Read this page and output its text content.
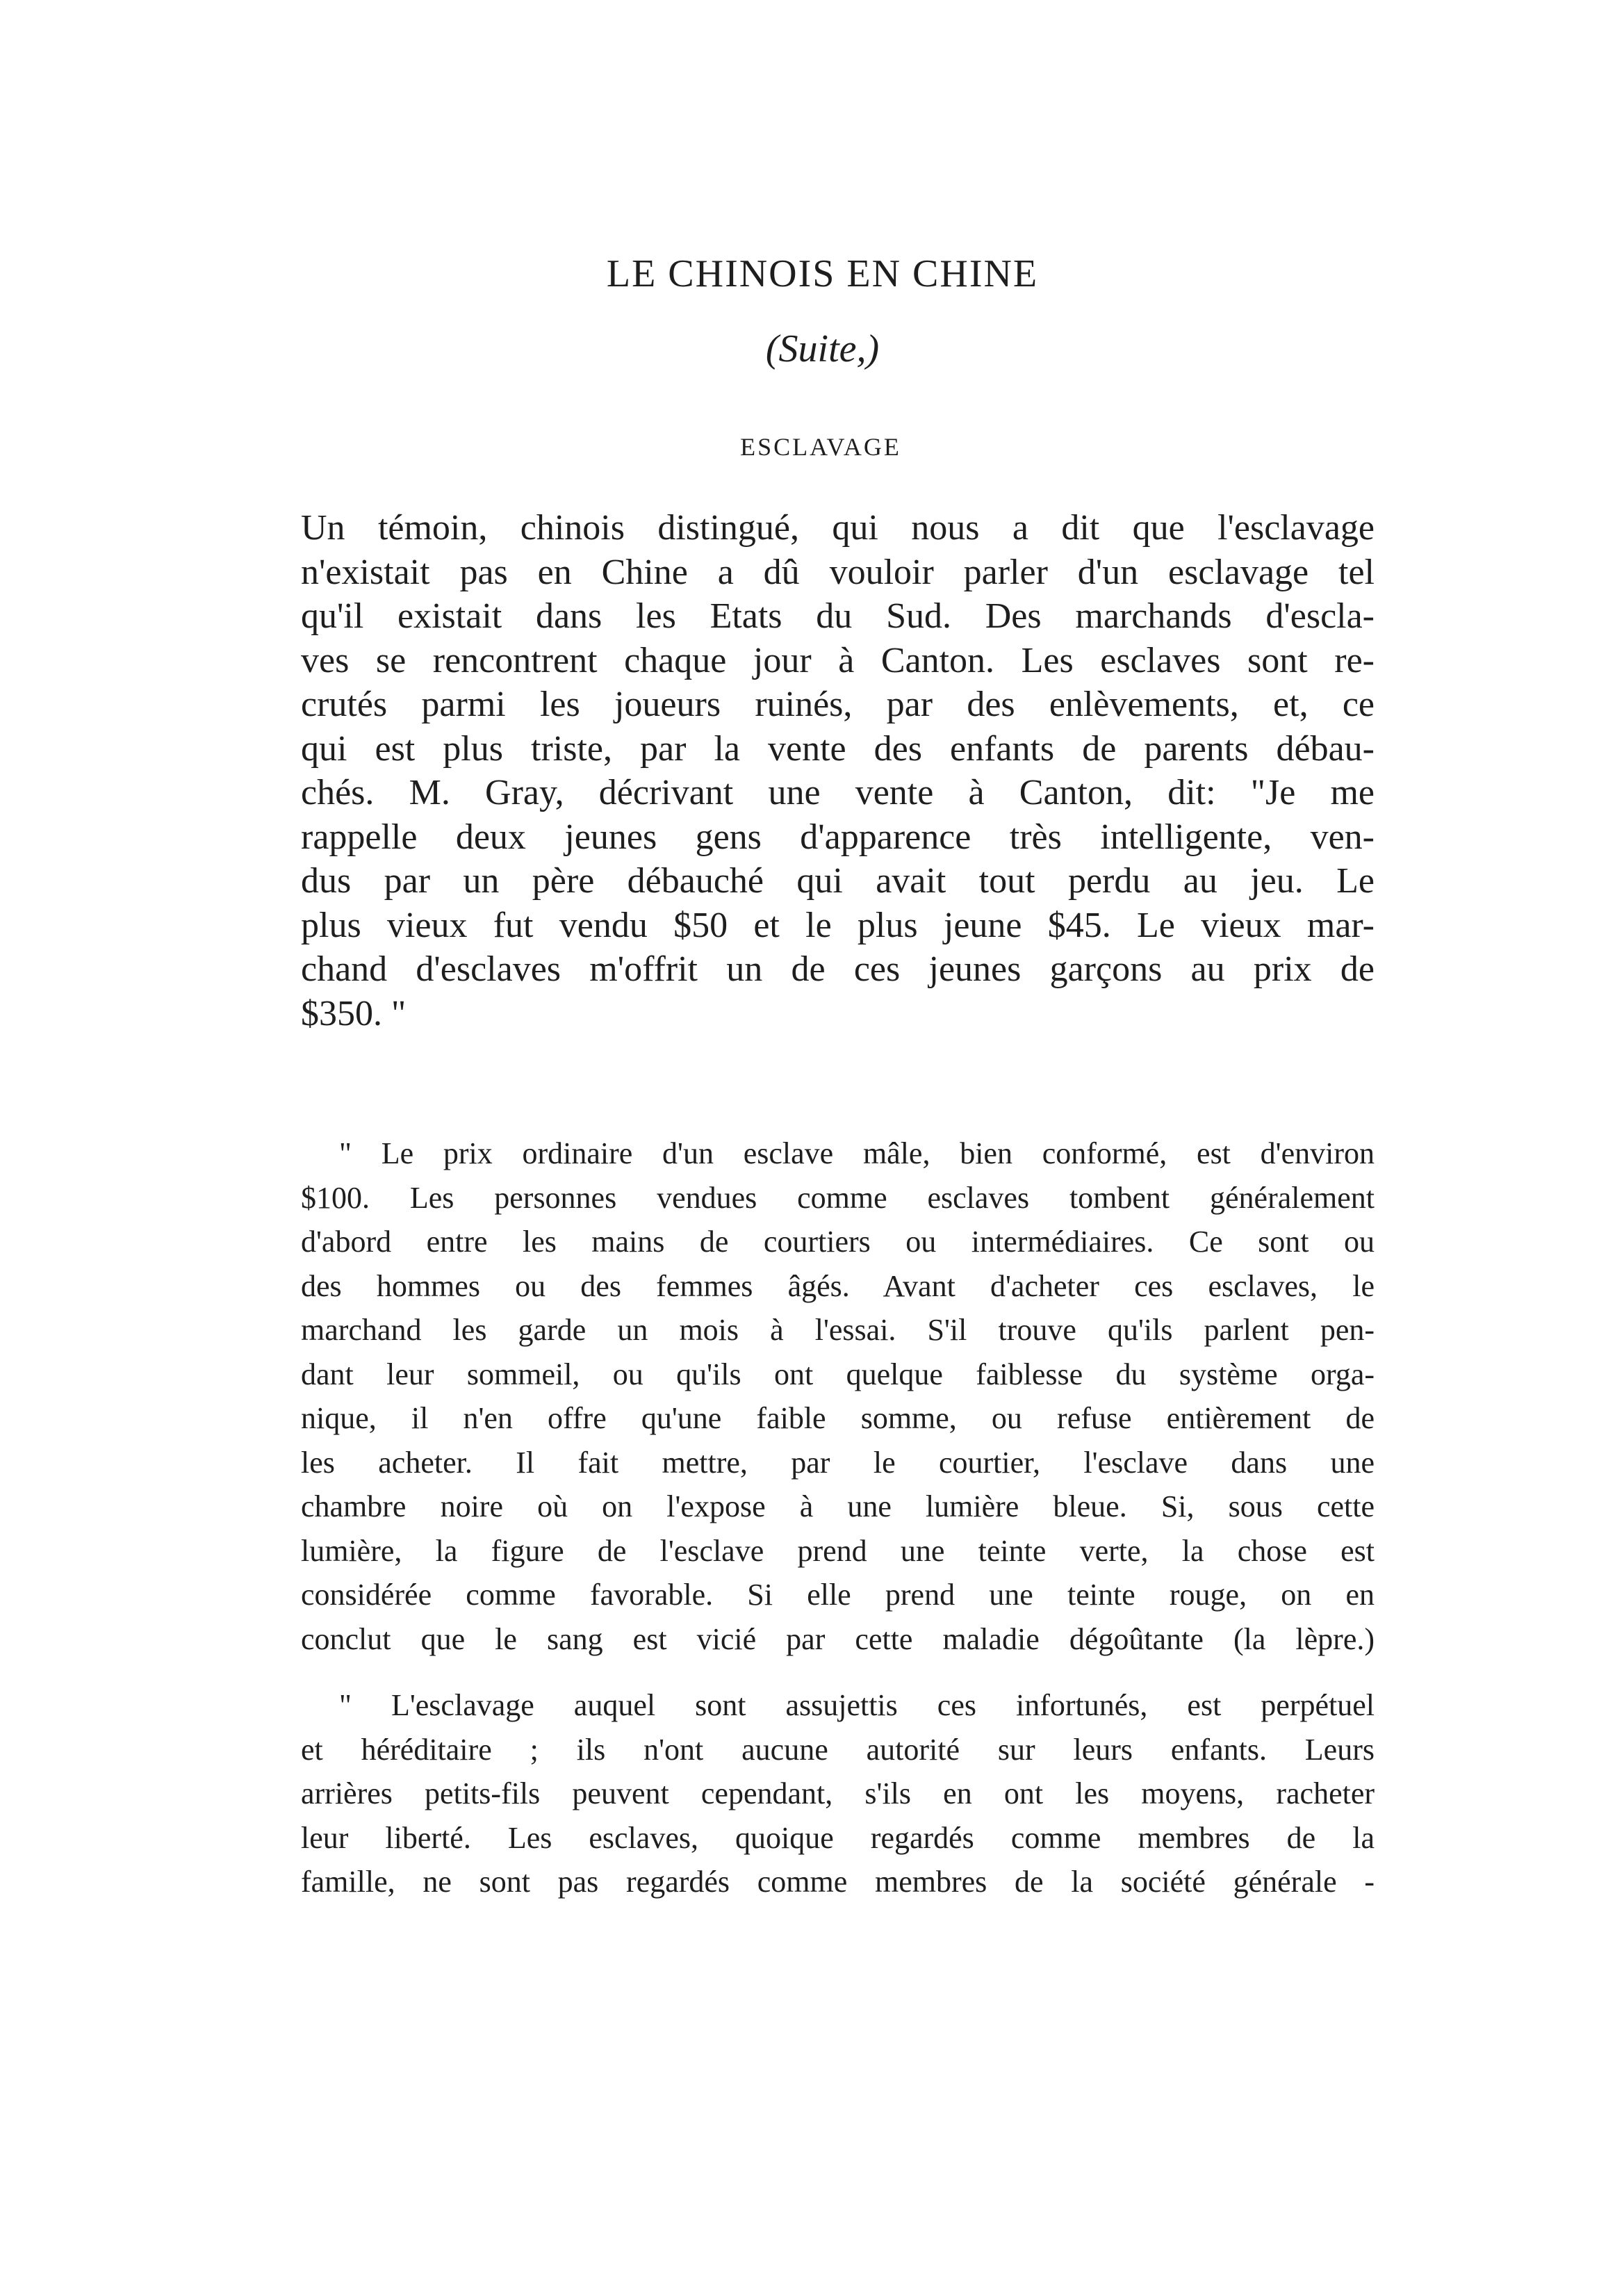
LE CHINOIS EN CHINE
(Suite,)
ESCLAVAGE
Un témoin, chinois distingué, qui nous a dit que l'esclavage
n'existait pas en Chine a dû vouloir parler d'un esclavage tel
qu'il existait dans les Etats du Sud. Des marchands d'escla-
ves se rencontrent chaque jour à Canton. Les esclaves sont re-
crutés parmi les joueurs ruinés, par des enlèvements, et, ce
qui est plus triste, par la vente des enfants de parents débau-
chés. M. Gray, décrivant une vente à Canton, dit: "Je me
rappelle deux jeunes gens d'apparence très intelligente, ven-
dus par un père débauché qui avait tout perdu au jeu. Le
plus vieux fut vendu $50 et le plus jeune $45. Le vieux mar-
chand d'esclaves m'offrit un de ces jeunes garçons au prix de
$350. "
" Le prix ordinaire d'un esclave mâle, bien conformé, est d'environ
$100. Les personnes vendues comme esclaves tombent généralement
d'abord entre les mains de courtiers ou intermédiaires. Ce sont ou
des hommes ou des femmes âgés. Avant d'acheter ces esclaves, le
marchand les garde un mois à l'essai. S'il trouve qu'ils parlent pen-
dant leur sommeil, ou qu'ils ont quelque faiblesse du système orga-
nique, il n'en offre qu'une faible somme, ou refuse entièrement de
les acheter. Il fait mettre, par le courtier, l'esclave dans une
chambre noire où on l'expose à une lumière bleue. Si, sous cette
lumière, la figure de l'esclave prend une teinte verte, la chose est
considérée comme favorable. Si elle prend une teinte rouge, on en
conclut que le sang est vicié par cette maladie dégoûtante (la lèpre.)
" L'esclavage auquel sont assujettis ces infortunés, est perpétuel
et héréditaire ; ils n'ont aucune autorité sur leurs enfants. Leurs
arrières petits-fils peuvent cependant, s'ils en ont les moyens, racheter
leur liberté. Les esclaves, quoique regardés comme membres de la
famille, ne sont pas regardés comme membres de la société générale -
